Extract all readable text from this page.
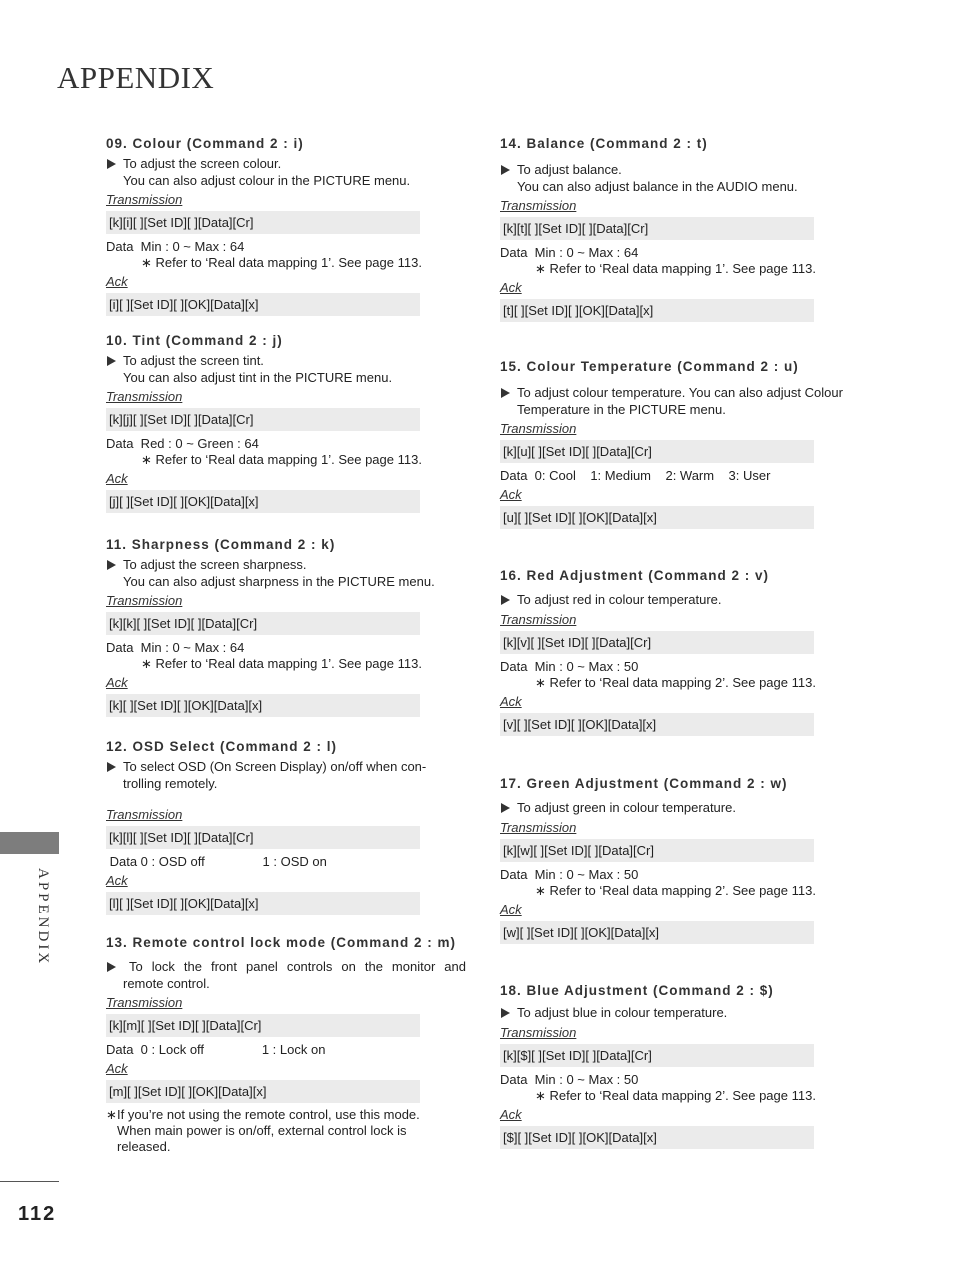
APPENDIX
09. Colour (Command 2 : i)
To adjust the screen colour.
You can also adjust colour in the PICTURE menu.
Transmission
[k][i][ ][Set ID][ ][Data][Cr]
Data  Min : 0 ~ Max : 64
∗ Refer to ‘Real data mapping 1’. See page 113.
Ack
[i][ ][Set ID][ ][OK][Data][x]
10. Tint (Command 2 : j)
To adjust the screen tint.
You can also adjust tint in the PICTURE menu.
Transmission
[k][j][ ][Set ID][ ][Data][Cr]
Data  Red : 0 ~ Green : 64
∗ Refer to ‘Real data mapping 1’. See page 113.
Ack
[j][ ][Set ID][ ][OK][Data][x]
11. Sharpness (Command 2 : k)
To adjust the screen sharpness.
You can also adjust sharpness in the PICTURE menu.
Transmission
[k][k][ ][Set ID][ ][Data][Cr]
Data  Min : 0 ~ Max : 64
∗ Refer to ‘Real data mapping 1’. See page 113.
Ack
[k][ ][Set ID][ ][OK][Data][x]
12. OSD Select (Command 2 : l)
To select OSD (On Screen Display) on/off when con-
trolling remotely.
Transmission
[k][l][ ][Set ID][ ][Data][Cr]
Data 0 : OSD off                1 : OSD on
Ack
[l][ ][Set ID][ ][OK][Data][x]
13. Remote control lock mode (Command 2 : m)
To lock the front panel controls on the monitor and
remote control.
Transmission
[k][m][ ][Set ID][ ][Data][Cr]
Data  0 : Lock off                1 : Lock on
Ack
[m][ ][Set ID][ ][OK][Data][x]
∗ If you’re not using the remote control, use this mode.
When main power is on/off, external control lock is
released.
14. Balance (Command 2 : t)
To adjust balance.
You can also adjust balance in the AUDIO menu.
Transmission
[k][t][ ][Set ID][ ][Data][Cr]
Data  Min : 0 ~ Max : 64
∗ Refer to ‘Real data mapping 1’. See page 113.
Ack
[t][ ][Set ID][ ][OK][Data][x]
15. Colour Temperature (Command 2 : u)
To adjust colour temperature. You can also adjust Colour
Temperature in the PICTURE menu.
Transmission
[k][u][ ][Set ID][ ][Data][Cr]
Data  0: Cool    1: Medium    2: Warm    3: User
Ack
[u][ ][Set ID][ ][OK][Data][x]
16. Red Adjustment (Command 2 : v)
To adjust red in colour temperature.
Transmission
[k][v][ ][Set ID][ ][Data][Cr]
Data  Min : 0 ~ Max : 50
∗ Refer to ‘Real data mapping 2’. See page 113.
Ack
[v][ ][Set ID][ ][OK][Data][x]
17. Green Adjustment (Command 2 : w)
To adjust green in colour temperature.
Transmission
[k][w][ ][Set ID][ ][Data][Cr]
Data  Min : 0 ~ Max : 50
∗ Refer to ‘Real data mapping 2’. See page 113.
Ack
[w][ ][Set ID][ ][OK][Data][x]
18. Blue Adjustment (Command 2 : $)
To adjust blue in colour temperature.
Transmission
[k][$][ ][Set ID][ ][Data][Cr]
Data  Min : 0 ~ Max : 50
∗ Refer to ‘Real data mapping 2’. See page 113.
Ack
[$][ ][Set ID][ ][OK][Data][x]
APPENDIX
112
